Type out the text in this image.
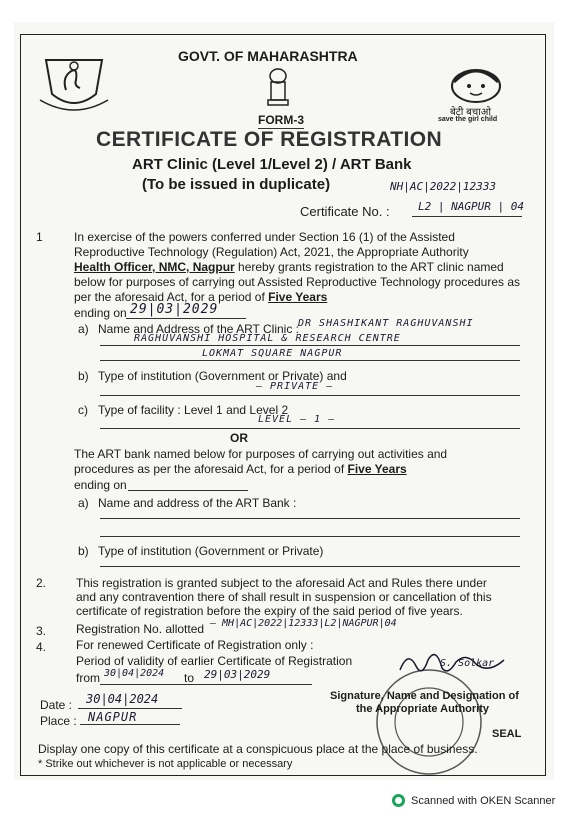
बेटी बचाओ
save the girl child
GOVT. OF MAHARASHTRA
FORM-3
CERTIFICATE OF REGISTRATION
ART Clinic (Level 1/Level 2) / ART Bank
(To be issued in duplicate)	NH|AC|2022|12333
Certificate No. :	L2 | NAGPUR | 04
1	In exercise of the powers conferred under Section 16 (1) of the Assisted
Reproductive Technology (Regulation) Act, 2021, the Appropriate Authority
Health Officer, NMC, Nagpur hereby grants registration to the ART clinic named
below for purposes of carrying out Assisted Reproductive Technology procedures as
per the aforesaid Act, for a period of Five Years
ending on 29|03|2029
a) Name and Address of the ART Clinic : DR SHASHIKANT RAGHUVANSHI
RAGHUVANSHI HOSPITAL & RESEARCH CENTRE
LOKMAT SQUARE NAGPUR
b) Type of institution (Government or Private) and
— PRIVATE —
c) Type of facility : Level 1 and Level 2
LEVEL — 1 —
OR
The ART bank named below for purposes of carrying out activities and
procedures as per the aforesaid Act, for a period of Five Years
ending on
a) Name and address of the ART Bank :
b) Type of institution (Government or Private)
2. This registration is granted subject to the aforesaid Act and Rules there under
and any contravention there of shall result in suspension or cancellation of this
certificate of registration before the expiry of the said period of five years.
3. Registration No. allotted — MH|AC|2022|12333|L2|NAGPUR|04
4. For renewed Certificate of Registration only :
Period of validity of earlier Certificate of Registration
from 30|04|2024 to 29|03|2029
Date : 30|04|2024
Place : NAGPUR
S. Solkar
Signature, Name and Designation of
the Appropriate Authority
SEAL
Display one copy of this certificate at a conspicuous place at the place of business.
* Strike out whichever is not applicable or necessary
Scanned with OKEN Scanner
